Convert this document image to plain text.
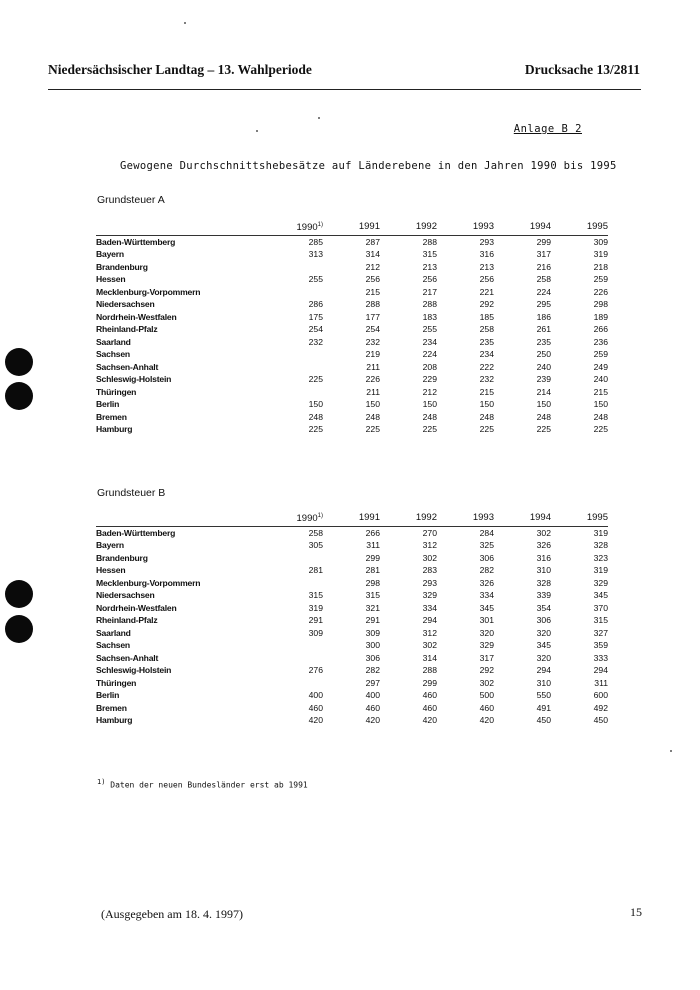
Niedersächsischer Landtag – 13. Wahlperiode	Drucksache 13/2811
Anlage B 2
Gewogene Durchschnittshebesätze auf Länderebene in den Jahren 1990 bis 1995
Grundsteuer A
	1990$^{1)}$	1991	1992	1993	1994	1995
Baden-Württemberg	285	287	288	293	299	309
Bayern	313	314	315	316	317	319
Brandenburg		212	213	213	216	218
Hessen	255	256	256	256	258	259
Mecklenburg-Vorpommern		215	217	221	224	226
Niedersachsen	286	288	288	292	295	298
Nordrhein-Westfalen	175	177	183	185	186	189
Rheinland-Pfalz	254	254	255	258	261	266
Saarland	232	232	234	235	235	236
Sachsen		219	224	234	250	259
Sachsen-Anhalt		211	208	222	240	249
Schleswig-Holstein	225	226	229	232	239	240
Thüringen		211	212	215	214	215
Berlin	150	150	150	150	150	150
Bremen	248	248	248	248	248	248
Hamburg	225	225	225	225	225	225
Grundsteuer B
	1990$^{1)}$	1991	1992	1993	1994	1995
Baden-Württemberg	258	266	270	284	302	319
Bayern	305	311	312	325	326	328
Brandenburg		299	302	306	316	323
Hessen	281	281	283	282	310	319
Mecklenburg-Vorpommern		298	293	326	328	329
Niedersachsen	315	315	329	334	339	345
Nordrhein-Westfalen	319	321	334	345	354	370
Rheinland-Pfalz	291	291	294	301	306	315
Saarland	309	309	312	320	320	327
Sachsen		300	302	329	345	359
Sachsen-Anhalt		306	314	317	320	333
Schleswig-Holstein	276	282	288	292	294	294
Thüringen		297	299	302	310	311
Berlin	400	400	460	500	550	600
Bremen	460	460	460	460	491	492
Hamburg	420	420	420	420	450	450
$^{1)}$ Daten der neuen Bundesländer erst ab 1991
(Ausgegeben am 18. 4. 1997)	15
